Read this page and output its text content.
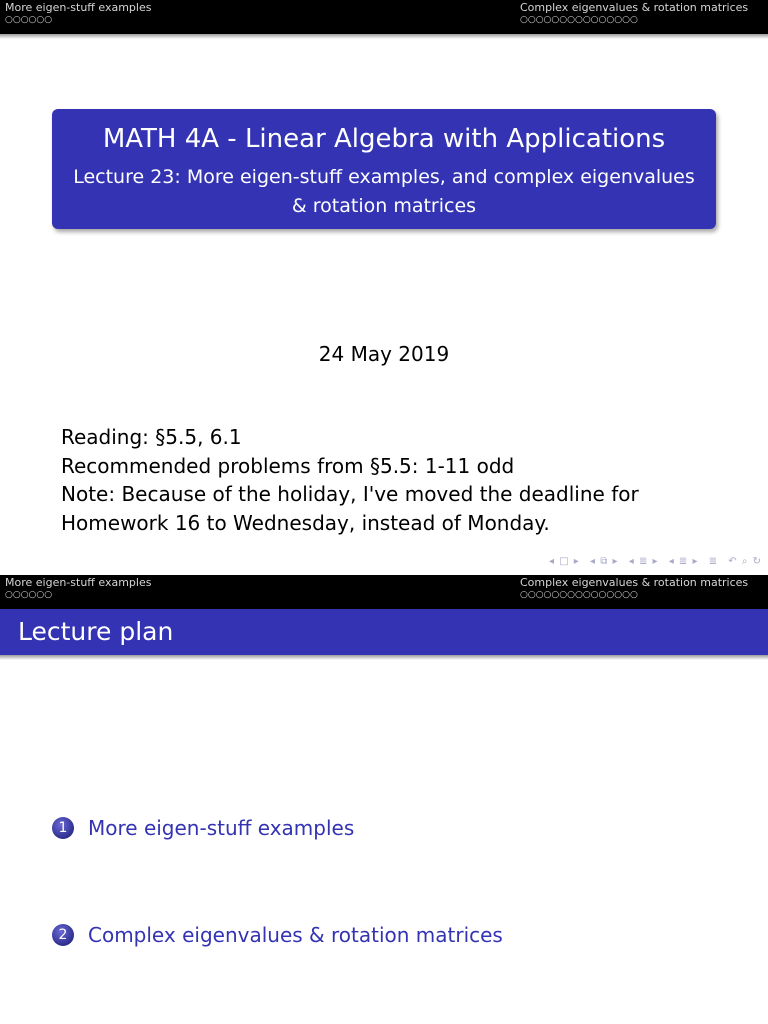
More eigen-stuff examples
○○○○○○
Complex eigenvalues & rotation matrices
○○○○○○○○○○○○○○○
MATH 4A - Linear Algebra with Applications
Lecture 23: More eigen-stuff examples, and complex eigenvalues & rotation matrices
24 May 2019
Reading: §5.5, 6.1
Recommended problems from §5.5: 1-11 odd
Note: Because of the holiday, I've moved the deadline for
Homework 16 to Wednesday, instead of Monday.
◂ □ ▸ ◂ ⧉ ▸ ◂ ≣ ▸ ◂ ≣ ▸ ≣ ↶ ⌕ ↻
More eigen-stuff examples
○○○○○○
Complex eigenvalues & rotation matrices
○○○○○○○○○○○○○○○
Lecture plan
1	More eigen-stuff examples
2	Complex eigenvalues & rotation matrices
